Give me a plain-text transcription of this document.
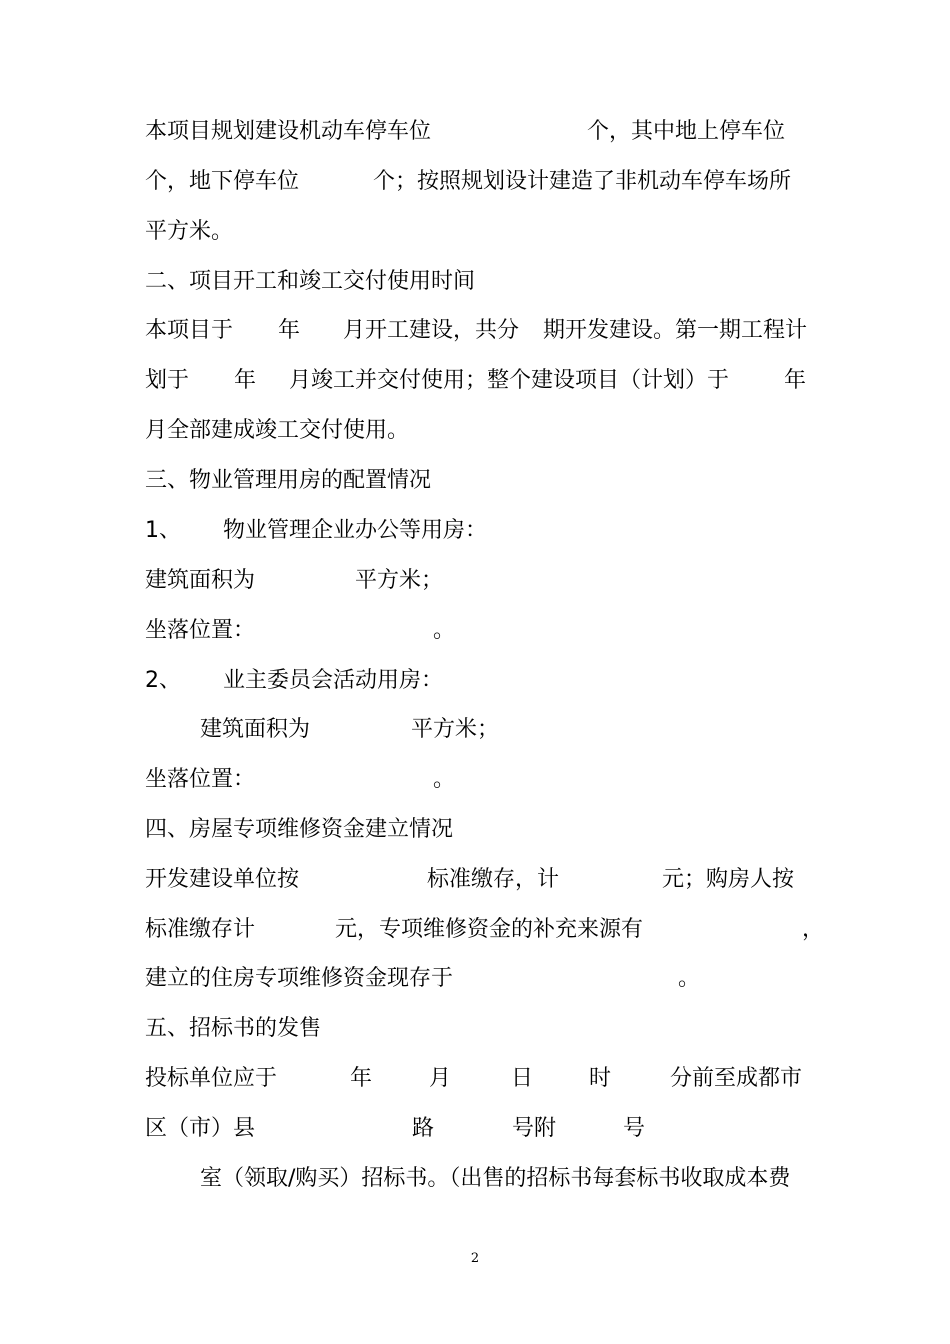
本项目规划建设机动车停车位	个，其中地上停车位
个，地下停车位	个；按照规划设计建造了非机动车停车场所
平方米。
二、项目开工和竣工交付使用时间
本项目于 年 月开工建设，共分 期开发建设。第一期工程计
划于 年 月竣工并交付使用；整个建设项目（计划）于 年
月全部建成竣工交付使用。
三、物业管理用房的配置情况
1、 物业管理企业办公等用房：
建筑面积为	平方米；
坐落位置：	。
2、 业主委员会活动用房：
建筑面积为	平方米；
坐落位置：	。
四、房屋专项维修资金建立情况
开发建设单位按	标准缴存，计	元；购房人按
标准缴存计	元，专项维修资金的补充来源有	，
建立的住房专项维修资金现存于	。
五、招标书的发售
投标单位应于	年	月	日	时	分前至成都市
区（市）县	路	号附	号
室（领取/购买）招标书。（出售的招标书每套标书收取成本费
2
